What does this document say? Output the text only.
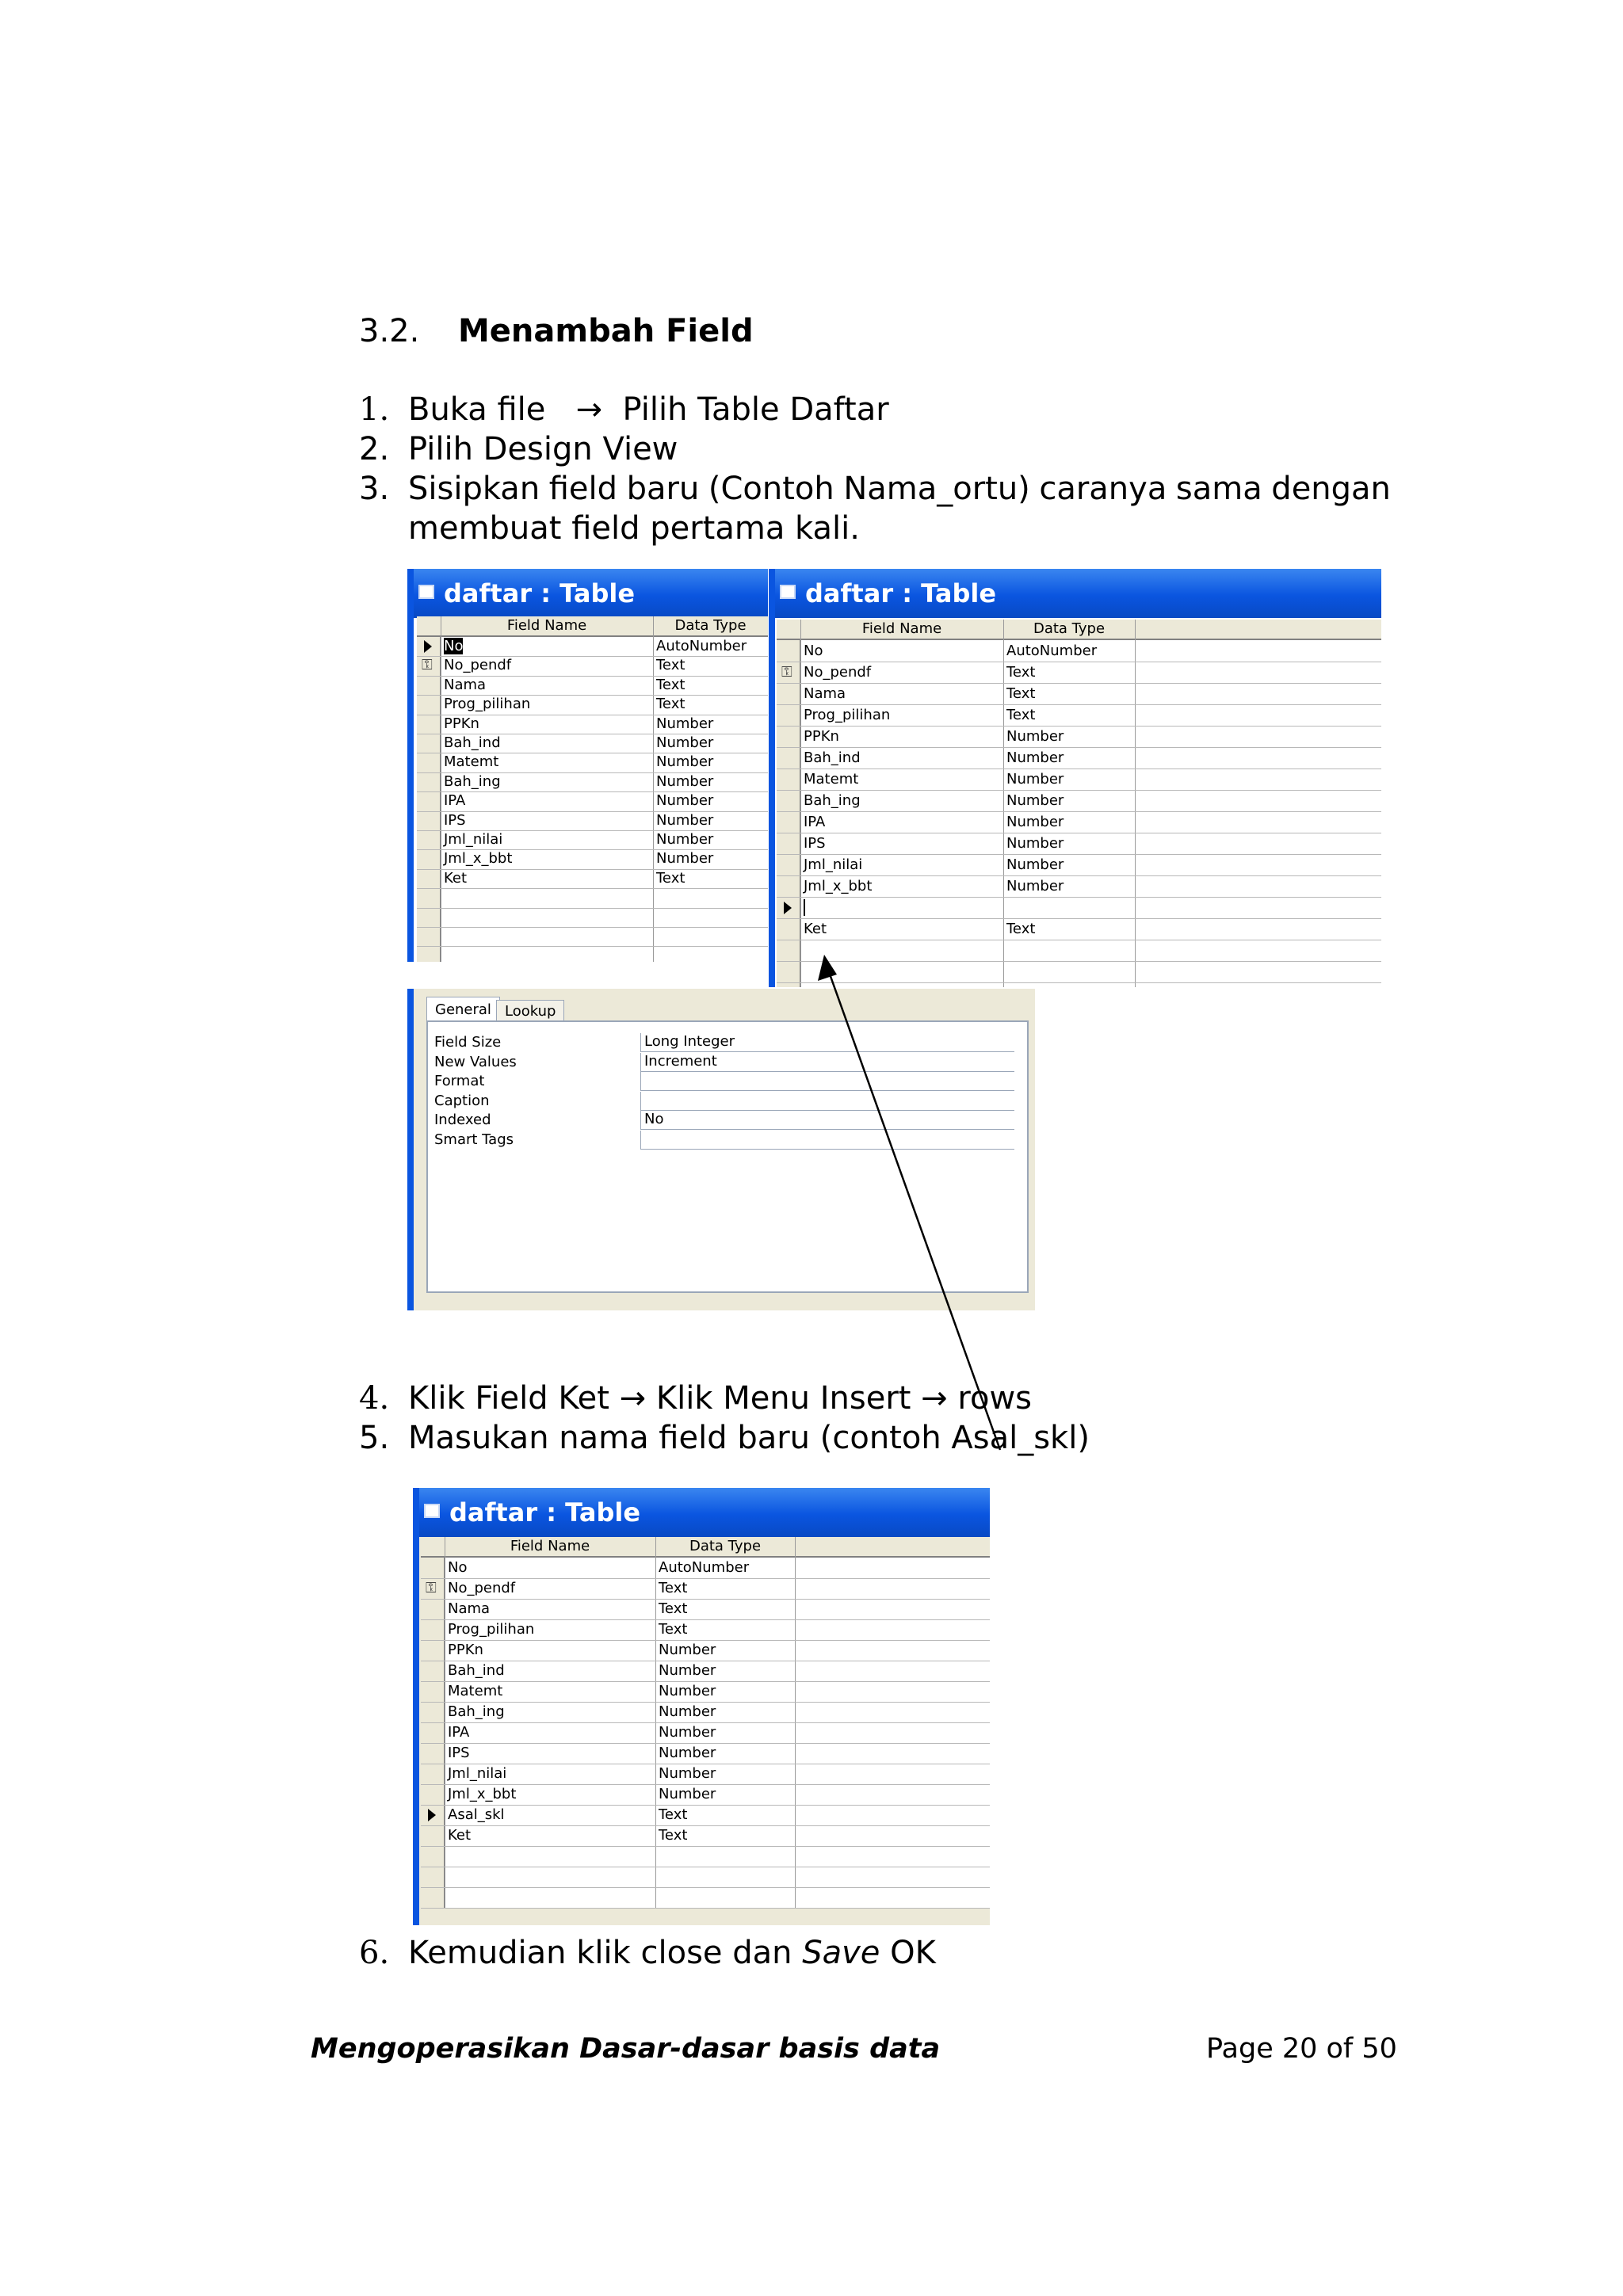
3.2. Menambah Field
1. Buka file → Pilih Table Daftar
2. Pilih Design View
3. Sisipkan field baru (Contoh Nama_ortu) caranya sama dengan
membuat field pertama kali.
daftar : Table
Field Name	Data Type
No	AutoNumber
No_pendf	Text
⚿
Nama	Text
Prog_pilihan	Text
PPKn	Number
Bah_ind	Number
Matemt	Number
Bah_ing	Number
IPA	Number
IPS	Number
Jml_nilai	Number
Jml_x_bbt	Number
Ket	Text
daftar : Table
Field Name	Data Type
No	AutoNumber
No_pendf	Text
⚿
Nama	Text
Prog_pilihan	Text
PPKn	Number
Bah_ind	Number
Matemt	Number
Bah_ing	Number
IPA	Number
IPS	Number
Jml_nilai	Number
Jml_x_bbt	Number
Ket	Text
General Lookup
Field Size	Long Integer
New Values	Increment
Format
Caption
Indexed	No
Smart Tags
4. Klik Field Ket → Klik Menu Insert → rows
5. Masukan nama field baru (contoh Asal_skl)
daftar : Table
Field Name	Data Type
No	AutoNumber
No_pendf	Text
⚿
Nama	Text
Prog_pilihan	Text
PPKn	Number
Bah_ind	Number
Matemt	Number
Bah_ing	Number
IPA	Number
IPS	Number
Jml_nilai	Number
Jml_x_bbt	Number
Asal_skl	Text
Ket	Text
6. Kemudian klik close dan Save OK
Mengoperasikan Dasar-dasar basis data	Page 20 of 50
